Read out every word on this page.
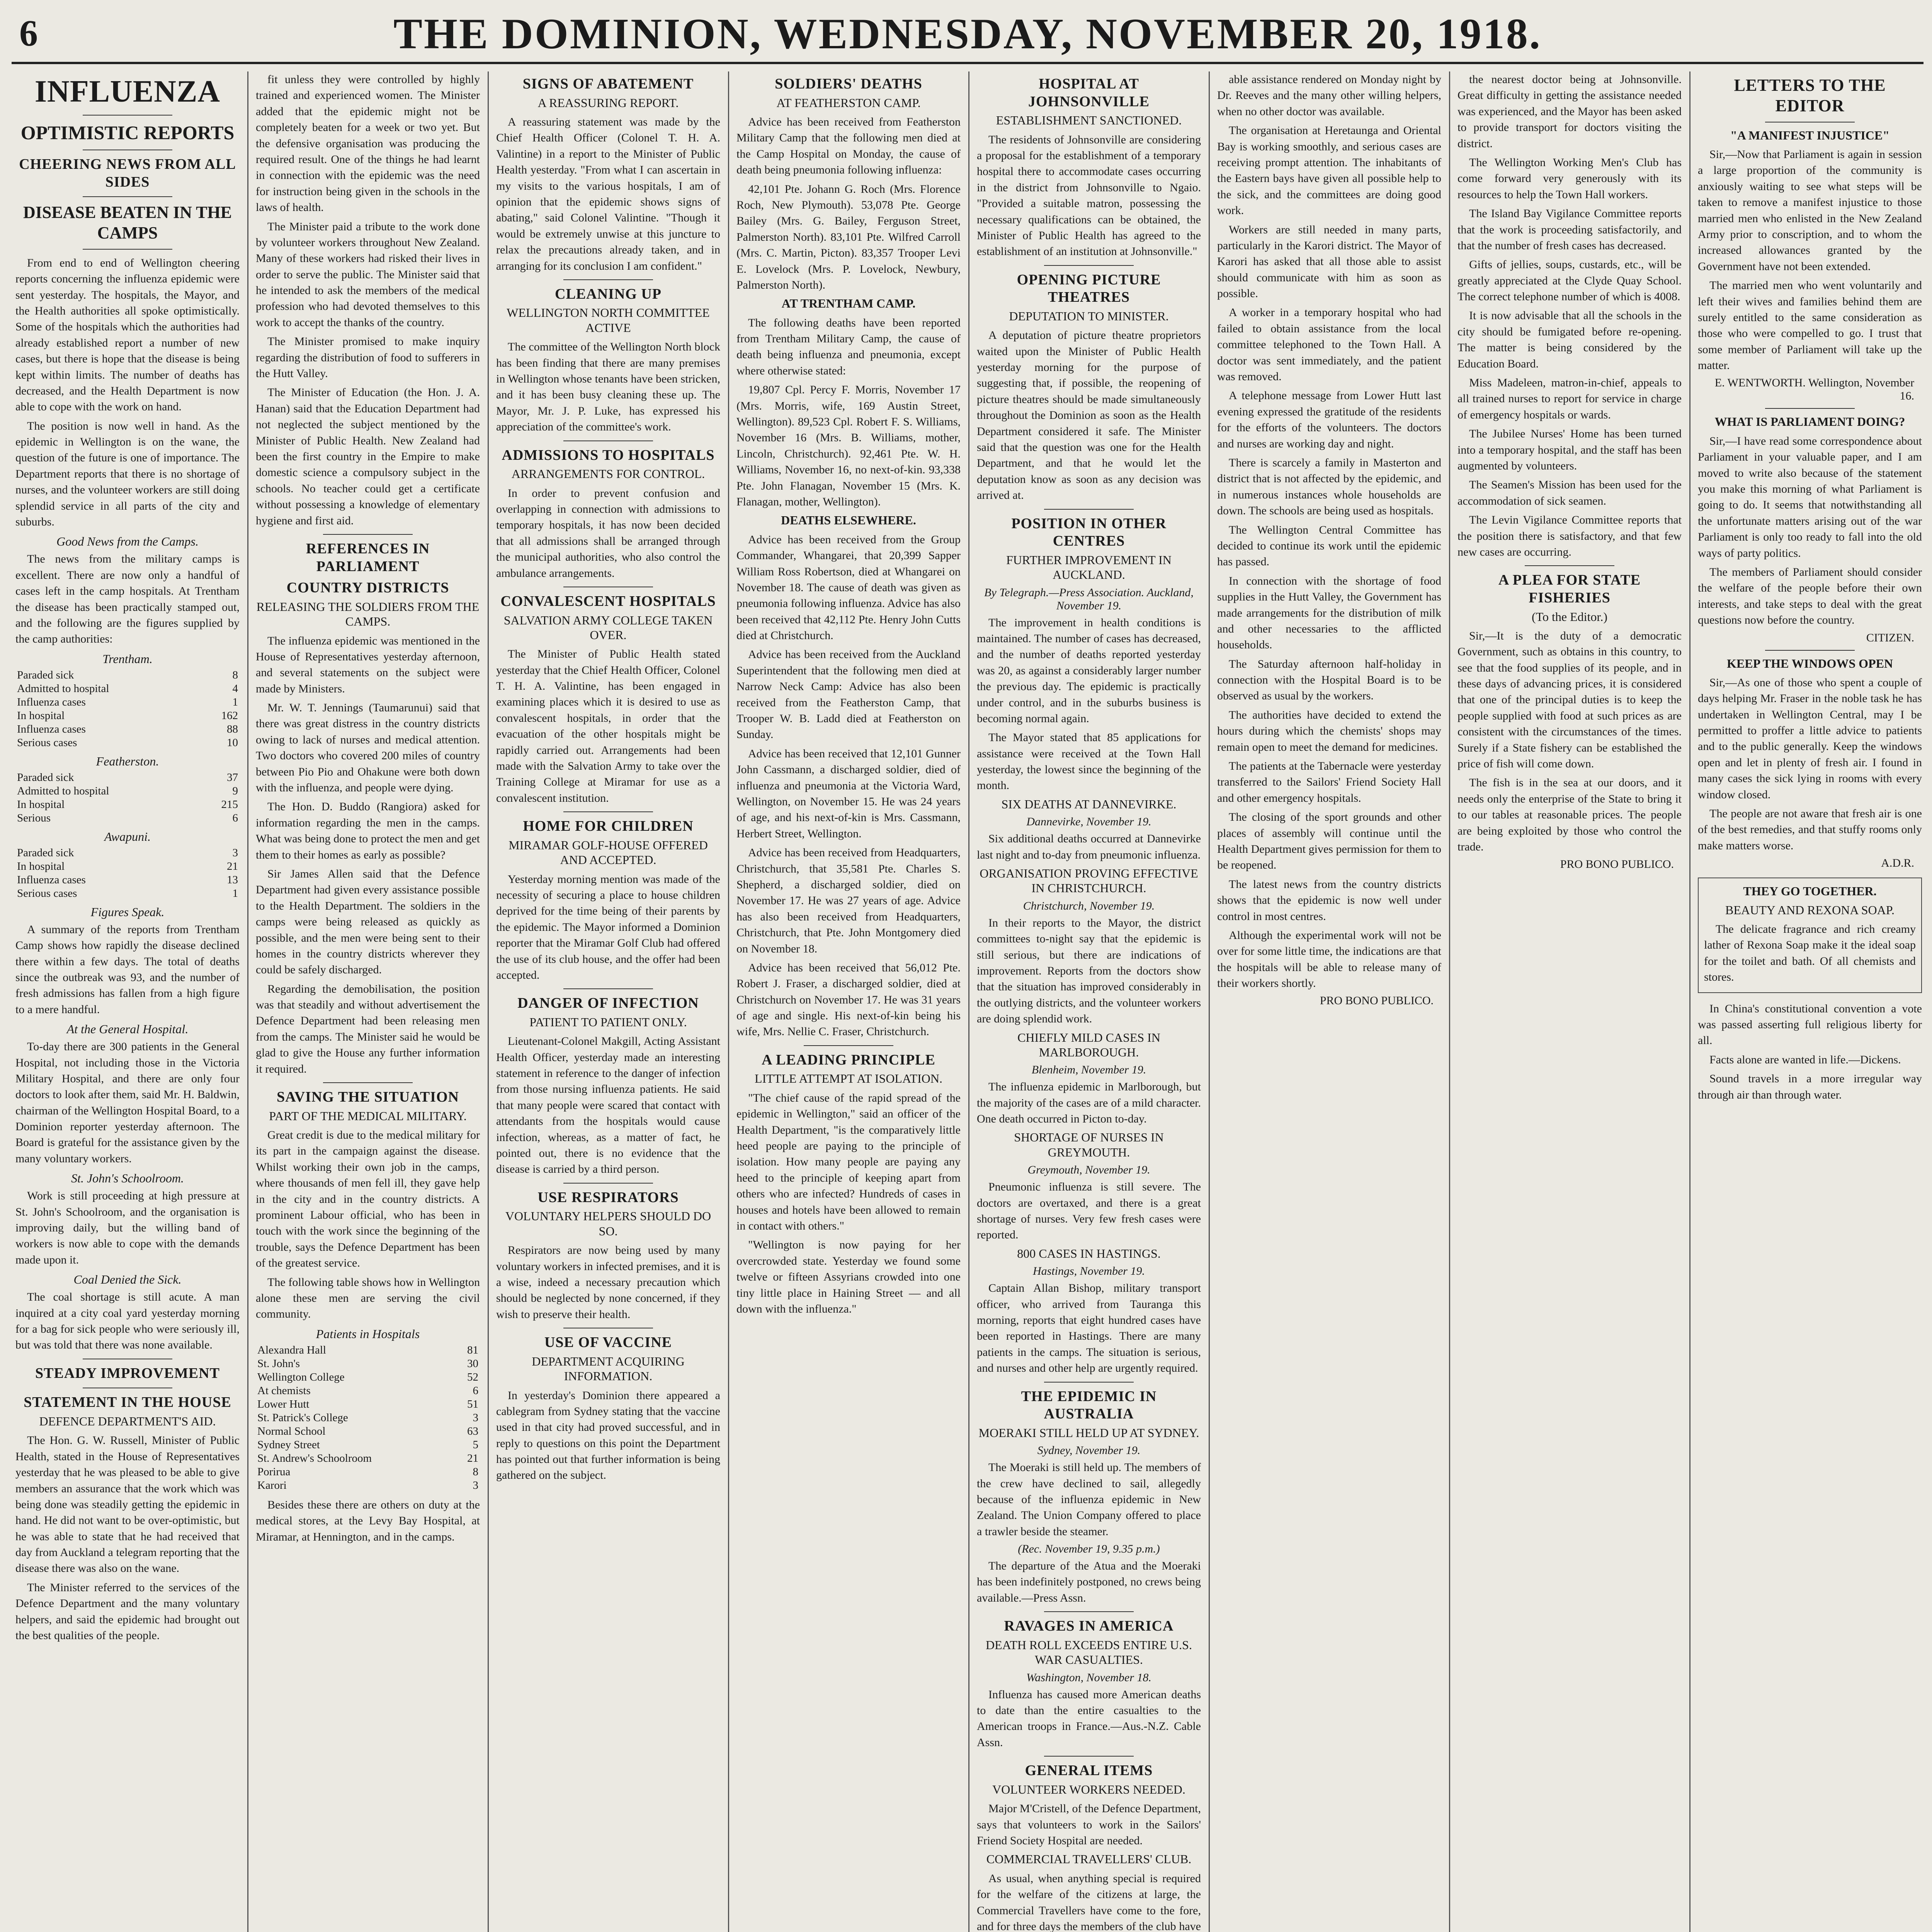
6	THE DOMINION, WEDNESDAY, NOVEMBER 20, 1918.
INFLUENZA
OPTIMISTIC REPORTS
CHEERING NEWS FROM ALL SIDES
DISEASE BEATEN IN THE CAMPS

From end to end of Wellington cheering reports concerning the influenza epidemic were sent yesterday. The hospitals, the Mayor, and the Health authorities all spoke optimistically. Some of the hospitals which the authorities had already established report a number of new cases, but there is hope that the disease is being kept within limits. The number of deaths has decreased, and the Health Department is now able to cope with the work on hand.

The position is now well in hand. As the epidemic in Wellington is on the wane, the question of the future is one of importance. The Department reports that there is no shortage of nurses, and the volunteer workers are still doing splendid service in all parts of the city and suburbs.

Good News from the Camps.

The news from the military camps is excellent. There are now only a handful of cases left in the camp hospitals. At Trentham the disease has been practically stamped out, and the following are the figures supplied by the camp authorities:

Trentham.
Paraded sick	8
Admitted to hospital	4
Influenza cases	1
In hospital	162
Influenza cases	88
Serious cases	10
Featherston.
Paraded sick	37
Admitted to hospital	9
In hospital	215
Serious	6
Awapuni.
Paraded sick	3
In hospital	21
Influenza cases	13
Serious cases	1
Figures Speak.

A summary of the reports from Trentham Camp shows how rapidly the disease declined there within a few days. The total of deaths since the outbreak was 93, and the number of fresh admissions has fallen from a high figure to a mere handful.

At the General Hospital.

To-day there are 300 patients in the General Hospital, not including those in the Victoria Military Hospital, and there are only four doctors to look after them, said Mr. H. Baldwin, chairman of the Wellington Hospital Board, to a Dominion reporter yesterday afternoon. The Board is grateful for the assistance given by the many voluntary workers.

St. John's Schoolroom.

Work is still proceeding at high pressure at St. John's Schoolroom, and the organisation is improving daily, but the willing band of workers is now able to cope with the demands made upon it.

Coal Denied the Sick.

The coal shortage is still acute. A man inquired at a city coal yard yesterday morning for a bag for sick people who were seriously ill, but was told that there was none available.

STEADY IMPROVEMENT
STATEMENT IN THE HOUSE
DEFENCE DEPARTMENT'S AID.

The Hon. G. W. Russell, Minister of Public Health, stated in the House of Representatives yesterday that he was pleased to be able to give members an assurance that the work which was being done was steadily getting the epidemic in hand. He did not want to be over-optimistic, but he was able to state that he had received that day from Auckland a telegram reporting that the disease there was also on the wane.

The Minister referred to the services of the Defence Department and the many voluntary helpers, and said the epidemic had brought out the best qualities of the people.

fit unless they were controlled by highly trained and experienced women. The Minister added that the epidemic might not be completely beaten for a week or two yet. But the defensive organisation was producing the required result. One of the things he had learnt in connection with the epidemic was the need for instruction being given in the schools in the laws of health.

The Minister paid a tribute to the work done by volunteer workers throughout New Zealand. Many of these workers had risked their lives in order to serve the public. The Minister said that he intended to ask the members of the medical profession who had devoted themselves to this work to accept the thanks of the country.

The Minister promised to make inquiry regarding the distribution of food to sufferers in the Hutt Valley.

The Minister of Education (the Hon. J. A. Hanan) said that the Education Department had not neglected the subject mentioned by the Minister of Public Health. New Zealand had been the first country in the Empire to make domestic science a compulsory subject in the schools. No teacher could get a certificate without possessing a knowledge of elementary hygiene and first aid.

REFERENCES IN PARLIAMENT
COUNTRY DISTRICTS
RELEASING THE SOLDIERS FROM THE CAMPS.

The influenza epidemic was mentioned in the House of Representatives yesterday afternoon, and several statements on the subject were made by Ministers.

Mr. W. T. Jennings (Taumarunui) said that there was great distress in the country districts owing to lack of nurses and medical attention. Two doctors who covered 200 miles of country between Pio Pio and Ohakune were both down with the influenza, and people were dying.

The Hon. D. Buddo (Rangiora) asked for information regarding the men in the camps. What was being done to protect the men and get them to their homes as early as possible?

Sir James Allen said that the Defence Department had given every assistance possible to the Health Department. The soldiers in the camps were being released as quickly as possible, and the men were being sent to their homes in the country districts wherever they could be safely discharged.

Regarding the demobilisation, the position was that steadily and without advertisement the Defence Department had been releasing men from the camps. The Minister said he would be glad to give the House any further information it required.

SAVING THE SITUATION
PART OF THE MEDICAL MILITARY.

Great credit is due to the medical military for its part in the campaign against the disease. Whilst working their own job in the camps, where thousands of men fell ill, they gave help in the city and in the country districts. A prominent Labour official, who has been in touch with the work since the beginning of the trouble, says the Defence Department has been of the greatest service.

The following table shows how in Wellington alone these men are serving the civil community.

Patients in Hospitals
Alexandra Hall	81
St. John's	30
Wellington College	52
At chemists	6
Lower Hutt	51
St. Patrick's College	3
Normal School	63
Sydney Street	5
St. Andrew's Schoolroom	21
Porirua	8
Karori	3

Besides these there are others on duty at the medical stores, at the Levy Bay Hospital, at Miramar, at Hennington, and in the camps.

SIGNS OF ABATEMENT
A REASSURING REPORT.

A reassuring statement was made by the Chief Health Officer (Colonel T. H. A. Valintine) in a report to the Minister of Public Health yesterday. "From what I can ascertain in my visits to the various hospitals, I am of opinion that the epidemic shows signs of abating," said Colonel Valintine. "Though it would be extremely unwise at this juncture to relax the precautions already taken, and in arranging for its conclusion I am confident."

CLEANING UP
WELLINGTON NORTH COMMITTEE ACTIVE

The committee of the Wellington North block has been finding that there are many premises in Wellington whose tenants have been stricken, and it has been busy cleaning these up. The Mayor, Mr. J. P. Luke, has expressed his appreciation of the committee's work.

ADMISSIONS TO HOSPITALS
ARRANGEMENTS FOR CONTROL.

In order to prevent confusion and overlapping in connection with admissions to temporary hospitals, it has now been decided that all admissions shall be arranged through the municipal authorities, who also control the ambulance arrangements.

CONVALESCENT HOSPITALS
SALVATION ARMY COLLEGE TAKEN OVER.

The Minister of Public Health stated yesterday that the Chief Health Officer, Colonel T. H. A. Valintine, has been engaged in examining places which it is desired to use as convalescent hospitals, in order that the evacuation of the other hospitals might be rapidly carried out. Arrangements had been made with the Salvation Army to take over the Training College at Miramar for use as a convalescent institution.

HOME FOR CHILDREN
MIRAMAR GOLF-HOUSE OFFERED AND ACCEPTED.

Yesterday morning mention was made of the necessity of securing a place to house children deprived for the time being of their parents by the epidemic. The Mayor informed a Dominion reporter that the Miramar Golf Club had offered the use of its club house, and the offer had been accepted.

DANGER OF INFECTION
PATIENT TO PATIENT ONLY.

Lieutenant-Colonel Makgill, Acting Assistant Health Officer, yesterday made an interesting statement in reference to the danger of infection from those nursing influenza patients. He said that many people were scared that contact with attendants from the hospitals would cause infection, whereas, as a matter of fact, he pointed out, there is no evidence that the disease is carried by a third person.

USE RESPIRATORS
VOLUNTARY HELPERS SHOULD DO SO.

Respirators are now being used by many voluntary workers in infected premises, and it is a wise, indeed a necessary precaution which should be neglected by none concerned, if they wish to preserve their health.

USE OF VACCINE
DEPARTMENT ACQUIRING INFORMATION.

In yesterday's Dominion there appeared a cablegram from Sydney stating that the vaccine used in that city had proved successful, and in reply to questions on this point the Department has pointed out that further information is being gathered on the subject.

SOLDIERS' DEATHS
AT FEATHERSTON CAMP.

Advice has been received from Featherston Military Camp that the following men died at the Camp Hospital on Monday, the cause of death being pneumonia following influenza:

42,101 Pte. Johann G. Roch (Mrs. Florence Roch, New Plymouth). 53,078 Pte. George Bailey (Mrs. G. Bailey, Ferguson Street, Palmerston North). 83,101 Pte. Wilfred Carroll (Mrs. C. Martin, Picton). 83,357 Trooper Levi E. Lovelock (Mrs. P. Lovelock, Newbury, Palmerston North).

AT TRENTHAM CAMP.

The following deaths have been reported from Trentham Military Camp, the cause of death being influenza and pneumonia, except where otherwise stated:

19,807 Cpl. Percy F. Morris, November 17 (Mrs. Morris, wife, 169 Austin Street, Wellington). 89,523 Cpl. Robert F. S. Williams, November 16 (Mrs. B. Williams, mother, Lincoln, Christchurch). 92,461 Pte. W. H. Williams, November 16, no next-of-kin. 93,338 Pte. John Flanagan, November 15 (Mrs. K. Flanagan, mother, Wellington).

DEATHS ELSEWHERE.

Advice has been received from the Group Commander, Whangarei, that 20,399 Sapper William Ross Robertson, died at Whangarei on November 18. The cause of death was given as pneumonia following influenza. Advice has also been received that 42,112 Pte. Henry John Cutts died at Christchurch.

Advice has been received from the Auckland Superintendent that the following men died at Narrow Neck Camp: Advice has also been received from the Featherston Camp, that Trooper W. B. Ladd died at Featherston on Sunday.

Advice has been received that 12,101 Gunner John Cassmann, a discharged soldier, died of influenza and pneumonia at the Victoria Ward, Wellington, on November 15. He was 24 years of age, and his next-of-kin is Mrs. Cassmann, Herbert Street, Wellington.

Advice has been received from Headquarters, Christchurch, that 35,581 Pte. Charles S. Shepherd, a discharged soldier, died on November 17. He was 27 years of age. Advice has also been received from Headquarters, Christchurch, that Pte. John Montgomery died on November 18.

Advice has been received that 56,012 Pte. Robert J. Fraser, a discharged soldier, died at Christchurch on November 17. He was 31 years of age and single. His next-of-kin being his wife, Mrs. Nellie C. Fraser, Christchurch.

A LEADING PRINCIPLE
LITTLE ATTEMPT AT ISOLATION.

"The chief cause of the rapid spread of the epidemic in Wellington," said an officer of the Health Department, "is the comparatively little heed people are paying to the principle of isolation. How many people are paying any heed to the principle of keeping apart from others who are infected? Hundreds of cases in houses and hotels have been allowed to remain in contact with others."

"Wellington is now paying for her overcrowded state. Yesterday we found some twelve or fifteen Assyrians crowded into one tiny little place in Haining Street — and all down with the influenza."

HOSPITAL AT JOHNSONVILLE
ESTABLISHMENT SANCTIONED.

The residents of Johnsonville are considering a proposal for the establishment of a temporary hospital there to accommodate cases occurring in the district from Johnsonville to Ngaio. "Provided a suitable matron, possessing the necessary qualifications can be obtained, the Minister of Public Health has agreed to the establishment of an institution at Johnsonville."

OPENING PICTURE THEATRES
DEPUTATION TO MINISTER.

A deputation of picture theatre proprietors waited upon the Minister of Public Health yesterday morning for the purpose of suggesting that, if possible, the reopening of picture theatres should be made simultaneously throughout the Dominion as soon as the Health Department considered it safe. The Minister said that the question was one for the Health Department, and that he would let the deputation know as soon as any decision was arrived at.

POSITION IN OTHER CENTRES
FURTHER IMPROVEMENT IN AUCKLAND.
By Telegraph.—Press Association. Auckland, November 19.

The improvement in health conditions is maintained. The number of cases has decreased, and the number of deaths reported yesterday was 20, as against a considerably larger number the previous day. The epidemic is practically under control, and in the suburbs business is becoming normal again.

The Mayor stated that 85 applications for assistance were received at the Town Hall yesterday, the lowest since the beginning of the month.

SIX DEATHS AT DANNEVIRKE.
Dannevirke, November 19.

Six additional deaths occurred at Dannevirke last night and to-day from pneumonic influenza.

ORGANISATION PROVING EFFECTIVE IN CHRISTCHURCH.
Christchurch, November 19.

In their reports to the Mayor, the district committees to-night say that the epidemic is still serious, but there are indications of improvement. Reports from the doctors show that the situation has improved considerably in the outlying districts, and the volunteer workers are doing splendid work.

CHIEFLY MILD CASES IN MARLBOROUGH.
Blenheim, November 19.

The influenza epidemic in Marlborough, but the majority of the cases are of a mild character. One death occurred in Picton to-day.

SHORTAGE OF NURSES IN GREYMOUTH.
Greymouth, November 19.

Pneumonic influenza is still severe. The doctors are overtaxed, and there is a great shortage of nurses. Very few fresh cases were reported.

800 CASES IN HASTINGS.
Hastings, November 19.

Captain Allan Bishop, military transport officer, who arrived from Tauranga this morning, reports that eight hundred cases have been reported in Hastings. There are many patients in the camps. The situation is serious, and nurses and other help are urgently required.

THE EPIDEMIC IN AUSTRALIA
MOERAKI STILL HELD UP AT SYDNEY.
Sydney, November 19.

The Moeraki is still held up. The members of the crew have declined to sail, allegedly because of the influenza epidemic in New Zealand. The Union Company offered to place a trawler beside the steamer.

(Rec. November 19, 9.35 p.m.)

The departure of the Atua and the Moeraki has been indefinitely postponed, no crews being available.—Press Assn.

RAVAGES IN AMERICA
DEATH ROLL EXCEEDS ENTIRE U.S. WAR CASUALTIES.
Washington, November 18.

Influenza has caused more American deaths to date than the entire casualties to the American troops in France.—Aus.-N.Z. Cable Assn.

GENERAL ITEMS
VOLUNTEER WORKERS NEEDED.

Major M'Cristell, of the Defence Department, says that volunteers to work in the Sailors' Friend Society Hospital are needed.

COMMERCIAL TRAVELLERS' CLUB.

As usual, when anything special is required for the welfare of the citizens at large, the Commercial Travellers have come to the fore, and for three days the members of the club have

able assistance rendered on Monday night by Dr. Reeves and the many other willing helpers, when no other doctor was available.

The organisation at Heretaunga and Oriental Bay is working smoothly, and serious cases are receiving prompt attention. The inhabitants of the Eastern bays have given all possible help to the sick, and the committees are doing good work.

Workers are still needed in many parts, particularly in the Karori district. The Mayor of Karori has asked that all those able to assist should communicate with him as soon as possible.

A worker in a temporary hospital who had failed to obtain assistance from the local committee telephoned to the Town Hall. A doctor was sent immediately, and the patient was removed.

A telephone message from Lower Hutt last evening expressed the gratitude of the residents for the efforts of the volunteers. The doctors and nurses are working day and night.

There is scarcely a family in Masterton and district that is not affected by the epidemic, and in numerous instances whole households are down. The schools are being used as hospitals.

The Wellington Central Committee has decided to continue its work until the epidemic has passed.

In connection with the shortage of food supplies in the Hutt Valley, the Government has made arrangements for the distribution of milk and other necessaries to the afflicted households.

The Saturday afternoon half-holiday in connection with the Hospital Board is to be observed as usual by the workers.

The authorities have decided to extend the hours during which the chemists' shops may remain open to meet the demand for medicines.

The patients at the Tabernacle were yesterday transferred to the Sailors' Friend Society Hall and other emergency hospitals.

The closing of the sport grounds and other places of assembly will continue until the Health Department gives permission for them to be reopened.

The latest news from the country districts shows that the epidemic is now well under control in most centres.

Although the experimental work will not be over for some little time, the indications are that the hospitals will be able to release many of their workers shortly.

PRO BONO PUBLICO.

the nearest doctor being at Johnsonville. Great difficulty in getting the assistance needed was experienced, and the Mayor has been asked to provide transport for doctors visiting the district.

The Wellington Working Men's Club has come forward very generously with its resources to help the Town Hall workers.

The Island Bay Vigilance Committee reports that the work is proceeding satisfactorily, and that the number of fresh cases has decreased.

Gifts of jellies, soups, custards, etc., will be greatly appreciated at the Clyde Quay School. The correct telephone number of which is 4008.

It is now advisable that all the schools in the city should be fumigated before re-opening. The matter is being considered by the Education Board.

Miss Madeleen, matron-in-chief, appeals to all trained nurses to report for service in charge of emergency hospitals or wards.

The Jubilee Nurses' Home has been turned into a temporary hospital, and the staff has been augmented by volunteers.

The Seamen's Mission has been used for the accommodation of sick seamen.

The Levin Vigilance Committee reports that the position there is satisfactory, and that few new cases are occurring.

A PLEA FOR STATE FISHERIES
(To the Editor.)

Sir,—It is the duty of a democratic Government, such as obtains in this country, to see that the food supplies of its people, and in these days of advancing prices, it is considered that one of the principal duties is to keep the people supplied with food at such prices as are consistent with the circumstances of the times. Surely if a State fishery can be established the price of fish will come down.

The fish is in the sea at our doors, and it needs only the enterprise of the State to bring it to our tables at reasonable prices. The people are being exploited by those who control the trade.

PRO BONO PUBLICO.
LETTERS TO THE EDITOR
"A MANIFEST INJUSTICE"

Sir,—Now that Parliament is again in session a large proportion of the community is anxiously waiting to see what steps will be taken to remove a manifest injustice to those married men who enlisted in the New Zealand Army prior to conscription, and to whom the increased allowances granted by the Government have not been extended.

The married men who went voluntarily and left their wives and families behind them are surely entitled to the same consideration as those who were compelled to go. I trust that some member of Parliament will take up the matter.

E. WENTWORTH. Wellington, November 16.
WHAT IS PARLIAMENT DOING?

Sir,—I have read some correspondence about Parliament in your valuable paper, and I am moved to write also because of the statement you make this morning of what Parliament is going to do. It seems that notwithstanding all the unfortunate matters arising out of the war Parliament is only too ready to fall into the old ways of party politics.

The members of Parliament should consider the welfare of the people before their own interests, and take steps to deal with the great questions now before the country.

CITIZEN.
KEEP THE WINDOWS OPEN

Sir,—As one of those who spent a couple of days helping Mr. Fraser in the noble task he has undertaken in Wellington Central, may I be permitted to proffer a little advice to patients and to the public generally. Keep the windows open and let in plenty of fresh air. I found in many cases the sick lying in rooms with every window closed.

The people are not aware that fresh air is one of the best remedies, and that stuffy rooms only make matters worse.

A.D.R.
THEY GO TOGETHER.
BEAUTY AND REXONA SOAP.

The delicate fragrance and rich creamy lather of Rexona Soap make it the ideal soap for the toilet and bath. Of all chemists and stores.

In China's constitutional convention a vote was passed asserting full religious liberty for all.

Facts alone are wanted in life.—Dickens.

Sound travels in a more irregular way through air than through water.
